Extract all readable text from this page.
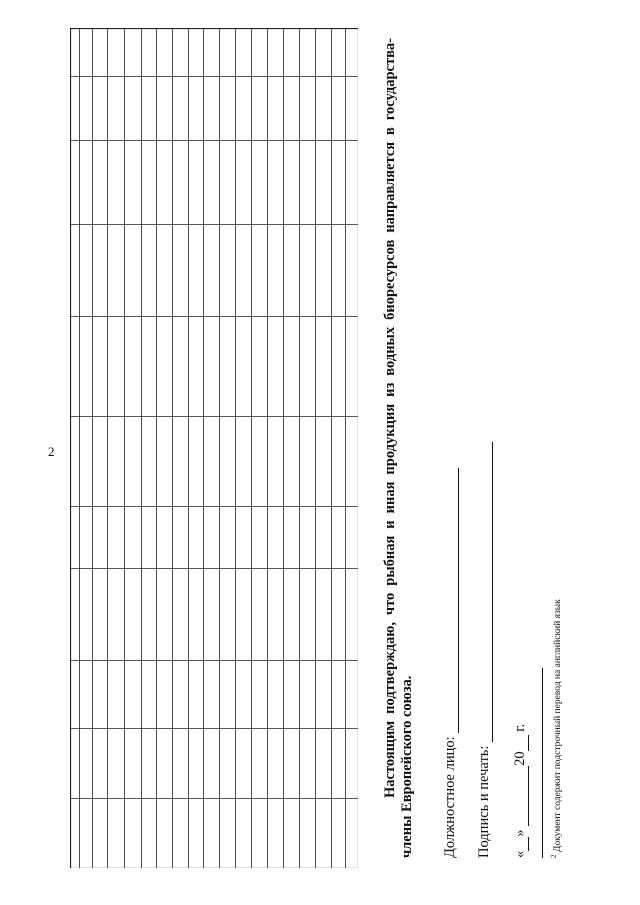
2	Настоящим подтверждаю, что рыбная и иная продукция из водных биоресурсов направляется в государства-члены Европейского союза. Должностное лицо: Подпись и печать: «» 20 г.
$^2$ Документ содержит подстрочный перевод на английский язык
